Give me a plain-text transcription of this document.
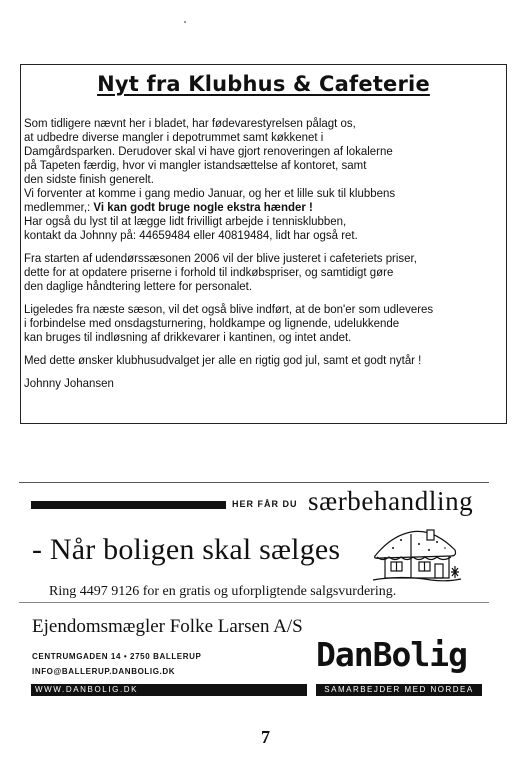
Nyt fra Klubhus & Cafeterie
Som tidligere nævnt her i bladet, har fødevarestyrelsen pålagt os,
at udbedre diverse mangler i depotrummet samt køkkenet i
Damgårdsparken. Derudover skal vi have gjort renoveringen af lokalerne
på Tapeten færdig, hvor vi mangler istandsættelse af kontoret, samt
den sidste finish generelt.
Vi forventer at komme i gang medio Januar, og her et lille suk til klubbens
medlemmer,: Vi kan godt bruge nogle ekstra hænder !
Har også du lyst til at lægge lidt frivilligt arbejde i tennisklubben,
kontakt da Johnny på: 44659484 eller 40819484, lidt har også ret.
Fra starten af udendørssæsonen 2006 vil der blive justeret i cafeteriets priser,
dette for at opdatere priserne i forhold til indkøbspriser, og samtidigt gøre
den daglige håndtering lettere for personalet.
Ligeledes fra næste sæson, vil det også blive indført, at de bon'er som udleveres
i forbindelse med onsdagsturnering, holdkampe og lignende, udelukkende
kan bruges til indløsning af drikkevarer i kantinen, og intet andet.
Med dette ønsker klubhusudvalget jer alle en rigtig god jul, samt et godt nytår !
Johnny Johansen
HER FÅR DU særbehandling
- Når boligen skal sælges
Ring 4497 9126 for en gratis og uforpligtende salgsvurdering.
Ejendomsmægler Folke Larsen A/S
CENTRUMGADEN 14 • 2750 BALLERUP
INFO@BALLERUP.DANBOLIG.DK	DanBolig
WWW.DANBOLIG.DK	SAMARBEJDER MED NORDEA
7
